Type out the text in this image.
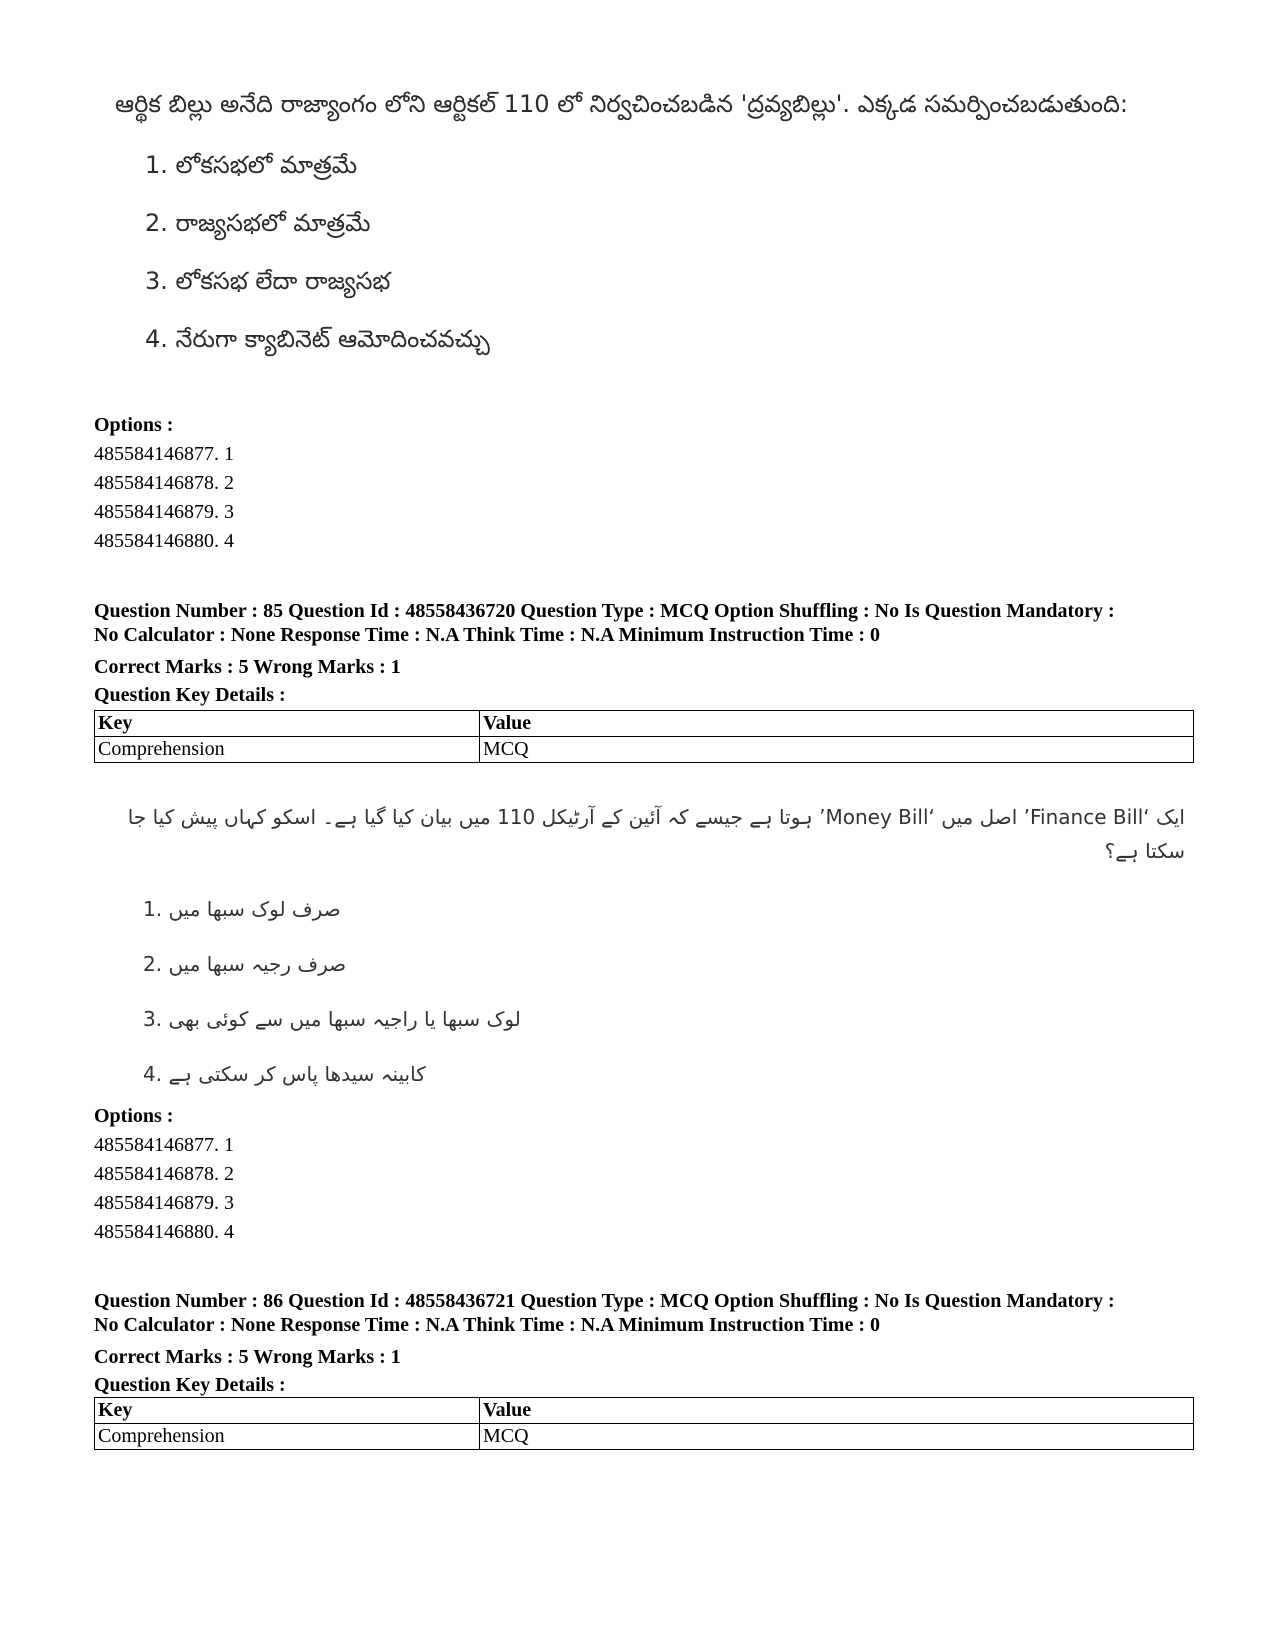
ఆర్థిక బిల్లు అనేది రాజ్యాంగం లోని ఆర్టికల్ 110 లో నిర్వచించబడిన 'ద్రవ్యబిల్లు'. ఎక్కడ సమర్పించబడుతుంది:
1. లోకసభలో మాత్రమే
2. రాజ్యసభలో మాత్రమే
3. లోకసభ లేదా రాజ్యసభ
4. నేరుగా క్యాబినెట్ ఆమోదించవచ్చు
Options :
485584146877. 1
485584146878. 2
485584146879. 3
485584146880. 4
Question Number : 85 Question Id : 48558436720 Question Type : MCQ Option Shuffling : No Is Question Mandatory :
No Calculator : None Response Time : N.A Think Time : N.A Minimum Instruction Time : 0
Correct Marks : 5 Wrong Marks : 1
Question Key Details :
Key	Value
Comprehension	MCQ
ایک ‘Finance Bill’ اصل میں ‘Money Bill’ ہوتا ہے جیسے کہ آئین کے آرٹیکل 110 میں بیان کیا گیا ہے۔ اسکو کہاں پیش کیا جا سکتا ہے؟
1. صرف لوک سبھا میں
2. صرف رجیہ سبھا میں
3. لوک سبھا یا راجیہ سبھا میں سے کوئی بھی
4. کابینہ سیدھا پاس کر سکتی ہے
Options :
485584146877. 1
485584146878. 2
485584146879. 3
485584146880. 4
Question Number : 86 Question Id : 48558436721 Question Type : MCQ Option Shuffling : No Is Question Mandatory :
No Calculator : None Response Time : N.A Think Time : N.A Minimum Instruction Time : 0
Correct Marks : 5 Wrong Marks : 1
Question Key Details :
Key	Value
Comprehension	MCQ
